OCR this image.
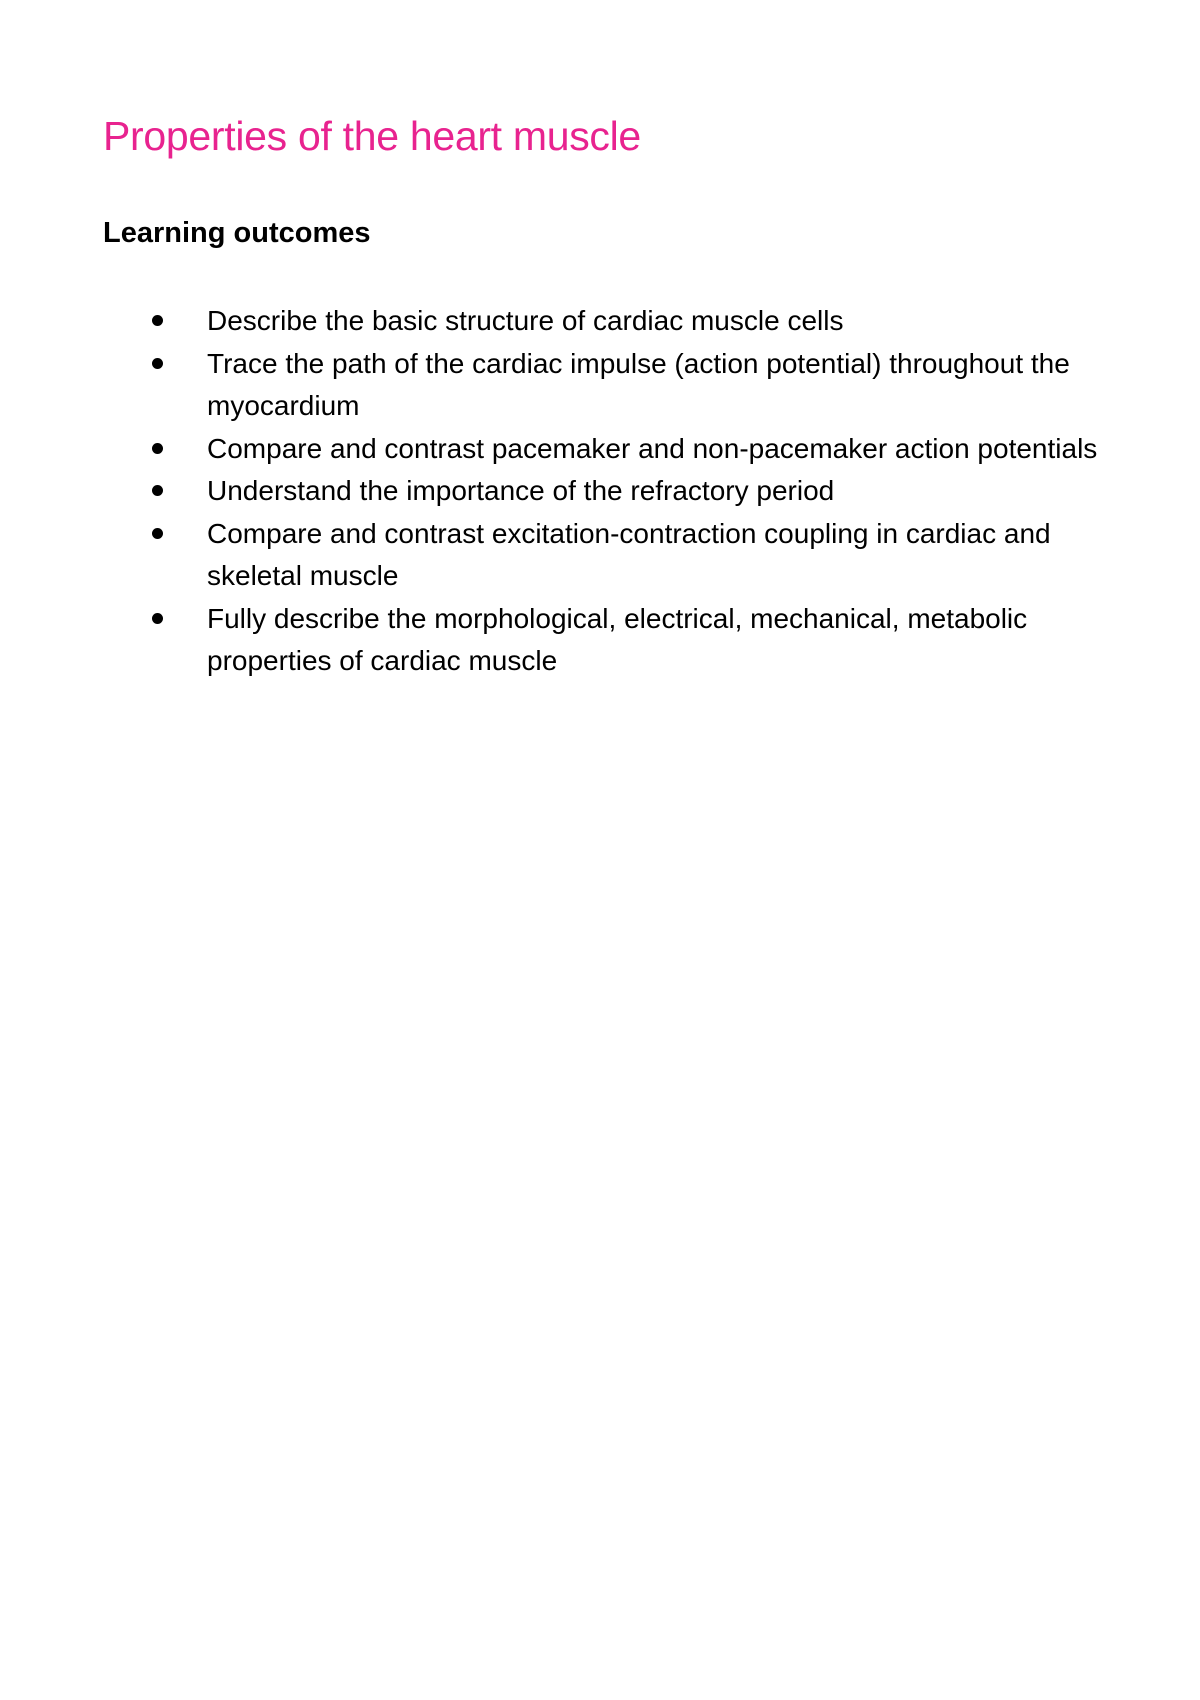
Properties of the heart muscle
Learning outcomes
Describe the basic structure of cardiac muscle cells
Trace the path of the cardiac impulse (action potential) throughout the myocardium
Compare and contrast pacemaker and non-pacemaker action potentials
Understand the importance of the refractory period
Compare and contrast excitation-contraction coupling in cardiac and skeletal muscle
Fully describe the morphological, electrical, mechanical, metabolic properties of cardiac muscle
